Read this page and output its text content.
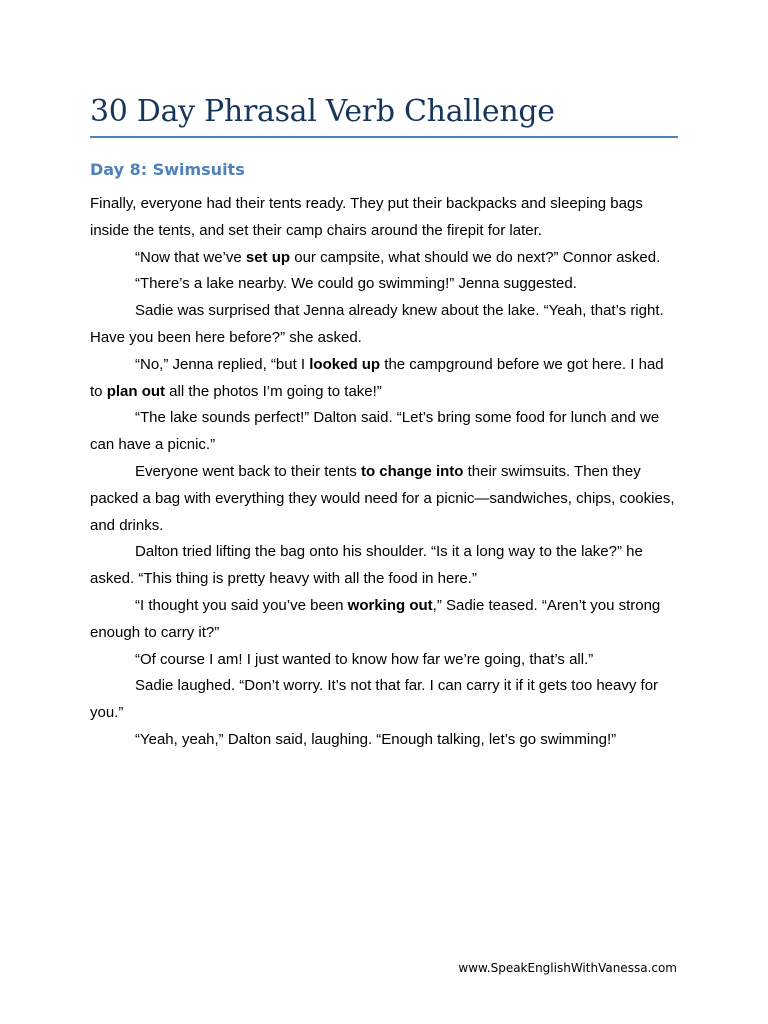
30 Day Phrasal Verb Challenge
Day 8: Swimsuits

Finally, everyone had their tents ready. They put their backpacks and sleeping bags inside the tents, and set their camp chairs around the firepit for later.

“Now that we’ve set up our campsite, what should we do next?” Connor asked.

“There’s a lake nearby. We could go swimming!” Jenna suggested.

Sadie was surprised that Jenna already knew about the lake. “Yeah, that’s right. Have you been here before?” she asked.

“No,” Jenna replied, “but I looked up the campground before we got here. I had to plan out all the photos I’m going to take!”

“The lake sounds perfect!” Dalton said. “Let’s bring some food for lunch and we can have a picnic.”

Everyone went back to their tents to change into their swimsuits. Then they packed a bag with everything they would need for a picnic—sandwiches, chips, cookies, and drinks.

Dalton tried lifting the bag onto his shoulder. “Is it a long way to the lake?” he asked. “This thing is pretty heavy with all the food in here.”

“I thought you said you’ve been working out,” Sadie teased. “Aren’t you strong enough to carry it?”

“Of course I am! I just wanted to know how far we’re going, that’s all.”

Sadie laughed. “Don’t worry. It’s not that far. I can carry it if it gets too heavy for you.”

“Yeah, yeah,” Dalton said, laughing. “Enough talking, let’s go swimming!”

www.SpeakEnglishWithVanessa.com
